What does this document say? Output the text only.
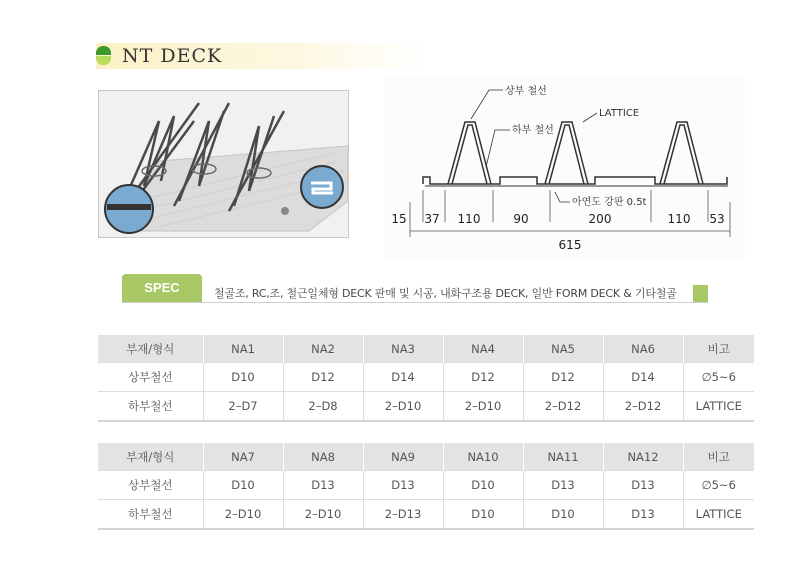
NT DECK
상부 철선
하부 철선
LATTICE
아연도 강판 0.5t
15 37 110	90	200	110 53
615
SPEC	철골조, RC,조, 철근일체형 DECK 판매 및 시공, 내화구조용 DECK, 일반 FORM DECK & 기타철골
부재/형식	NA1	NA2	NA3	NA4	NA5	NA6	비고
상부철선	D10	D12	D14	D12	D12	D14	∅5~6
하부철선	2–D7	2–D8	2–D10	2–D10	2–D12	2–D12	LATTICE
부재/형식	NA7	NA8	NA9	NA10	NA11	NA12	비고
상부철선	D10	D13	D13	D10	D13	D13	∅5~6
하부철선	2–D10	2–D10	2–D13	D10	D10	D13	LATTICE
